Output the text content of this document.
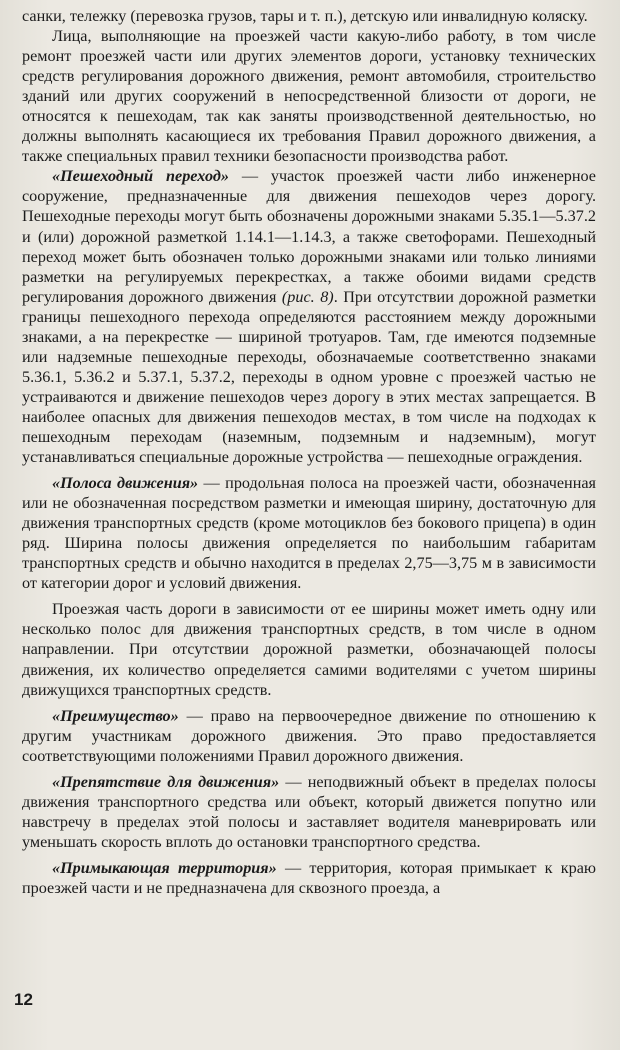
санки, тележку (перевозка грузов, тары и т. п.), детскую или инвалидную коляску.

Лица, выполняющие на проезжей части какую-либо работу, в том числе ремонт проезжей части или других элементов дороги, установку технических средств регулирования дорожного движения, ремонт автомобиля, строительство зданий или других сооружений в непосредственной близости от дороги, не относятся к пешеходам, так как заняты производственной деятельностью, но должны выполнять касающиеся их требования Правил дорожного движения, а также специальных правил техники безопасности производства работ.

«Пешеходный переход» — участок проезжей части либо инженерное сооружение, предназначенные для движения пешеходов через дорогу. Пешеходные переходы могут быть обозначены дорожными знаками 5.35.1—5.37.2 и (или) дорожной разметкой 1.14.1—1.14.3, а также светофорами. Пешеходный переход может быть обозначен только дорожными знаками или только линиями разметки на регулируемых перекрестках, а также обоими видами средств регулирования дорожного движения (рис. 8). При отсутствии дорожной разметки границы пешеходного перехода определяются расстоянием между дорожными знаками, а на перекрестке — шириной тротуаров. Там, где имеются подземные или надземные пешеходные переходы, обозначаемые соответственно знаками 5.36.1, 5.36.2 и 5.37.1, 5.37.2, переходы в одном уровне с проезжей частью не устраиваются и движение пешеходов через дорогу в этих местах запрещается. В наиболее опасных для движения пешеходов местах, в том числе на подходах к пешеходным переходам (наземным, подземным и надземным), могут устанавливаться специальные дорожные устройства — пешеходные ограждения.

«Полоса движения» — продольная полоса на проезжей части, обозначенная или не обозначенная посредством разметки и имеющая ширину, достаточную для движения транспортных средств (кроме мотоциклов без бокового прицепа) в один ряд. Ширина полосы движения определяется по наибольшим габаритам транспортных средств и обычно находится в пределах 2,75—3,75 м в зависимости от категории дорог и условий движения.

Проезжая часть дороги в зависимости от ее ширины может иметь одну или несколько полос для движения транспортных средств, в том числе в одном направлении. При отсутствии дорожной разметки, обозначающей полосы движения, их количество определяется самими водителями с учетом ширины движущихся транспортных средств.

«Преимущество» — право на первоочередное движение по отношению к другим участникам дорожного движения. Это право предоставляется соответствующими положениями Правил дорожного движения.

«Препятствие для движения» — неподвижный объект в пределах полосы движения транспортного средства или объект, который движется попутно или навстречу в пределах этой полосы и заставляет водителя маневрировать или уменьшать скорость вплоть до остановки транспортного средства.

«Примыкающая территория» — территория, которая примыкает к краю проезжей части и не предназначена для сквозного проезда, а

12
